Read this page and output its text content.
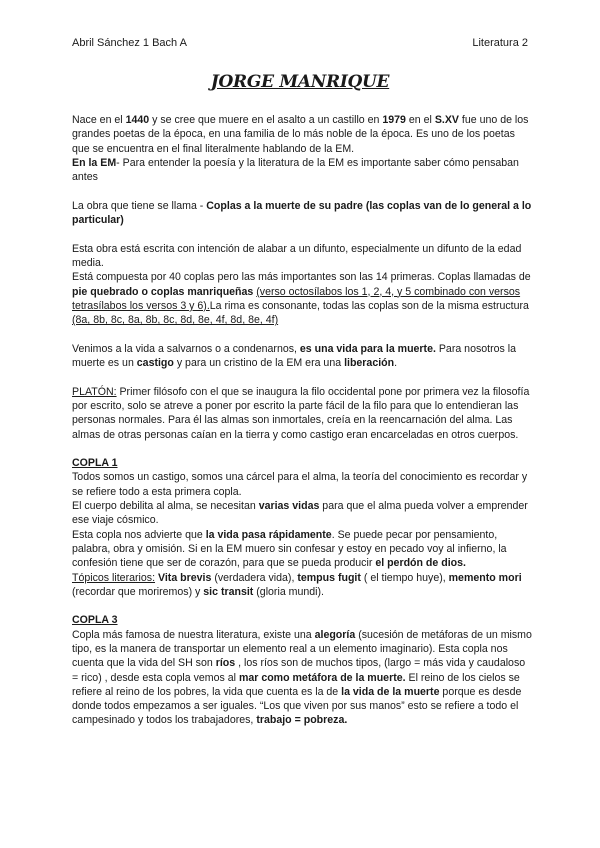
Abril Sánchez 1 Bach A	Literatura 2
JORGE MANRIQUE

Nace en el 1440 y se cree que muere en el asalto a un castillo en 1979 en el S.XV fue uno de los grandes poetas de la época, en una familia de lo más noble de la época. Es uno de los poetas que se encuentra en el final literalmente hablando de la EM.

En la EM- Para entender la poesía y la literatura de la EM es importante saber cómo pensaban antes

La obra que tiene se llama - Coplas a la muerte de su padre (las coplas van de lo general a lo particular)

Esta obra está escrita con intención de alabar a un difunto, especialmente un difunto de la edad media.

Está compuesta por 40 coplas pero las más importantes son las 14 primeras. Coplas llamadas de pie quebrado o coplas manriqueñas (verso octosílabos los 1, 2, 4, y 5 combinado con versos tetrasílabos los versos 3 y 6).La rima es consonante, todas las coplas son de la misma estructura (8a, 8b, 8c, 8a, 8b, 8c, 8d, 8e, 4f, 8d, 8e, 4f)

Venimos a la vida a salvarnos o a condenarnos, es una vida para la muerte. Para nosotros la muerte es un castigo y para un cristino de la EM era una liberación.

PLATÓN: Primer filósofo con el que se inaugura la filo occidental pone por primera vez la filosofía por escrito, solo se atreve a poner por escrito la parte fácil de la filo para que lo entendieran las personas normales. Para él las almas son inmortales, creía en la reencarnación del alma. Las almas de otras personas caían en la tierra y como castigo eran encarceladas en otros cuerpos.

COPLA 1

Todos somos un castigo, somos una cárcel para el alma, la teoría del conocimiento es recordar y se refiere todo a esta primera copla.

El cuerpo debilita al alma, se necesitan varias vidas para que el alma pueda volver a emprender ese viaje cósmico.

Esta copla nos advierte que la vida pasa rápidamente. Se puede pecar por pensamiento, palabra, obra y omisión. Si en la EM muero sin confesar y estoy en pecado voy al infierno, la confesión tiene que ser de corazón, para que se pueda producir el perdón de dios.

Tópicos literarios: Vita brevis (verdadera vida), tempus fugit ( el tiempo huye), memento mori (recordar que moriremos) y sic transit (gloria mundi).

COPLA 3

Copla más famosa de nuestra literatura, existe una alegoría (sucesión de metáforas de un mismo tipo, es la manera de transportar un elemento real a un elemento imaginario). Esta copla nos cuenta que la vida del SH son ríos , los ríos son de muchos tipos, (largo = más vida y caudaloso = rico) , desde esta copla vemos al mar como metáfora de la muerte. El reino de los cielos se refiere al reino de los pobres, la vida que cuenta es la de la vida de la muerte porque es desde donde todos empezamos a ser iguales. “Los que viven por sus manos” esto se refiere a todo el campesinado y todos los trabajadores, trabajo = pobreza.
